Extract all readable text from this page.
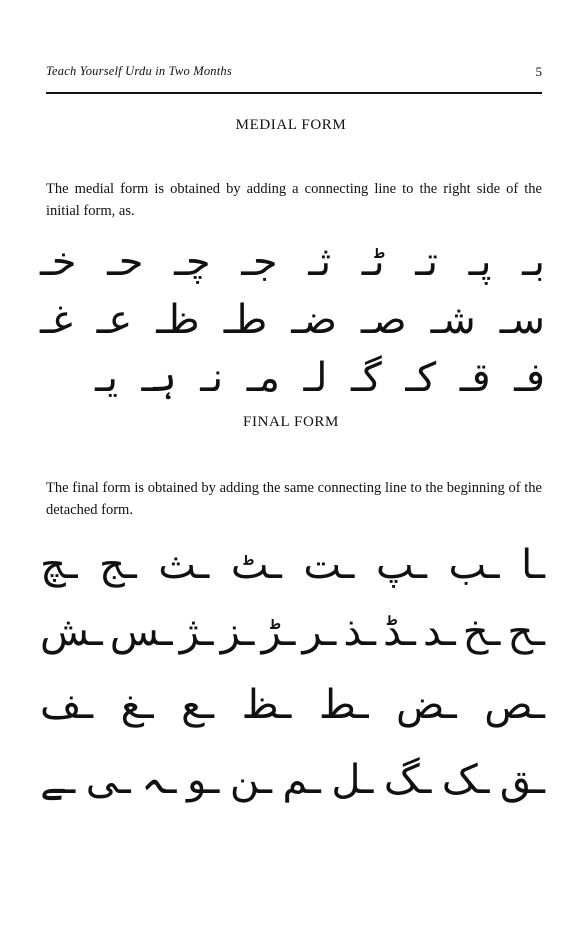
Teach Yourself Urdu in Two Months	5
MEDIAL FORM
The medial form is obtained by adding a connecting line to the right side of the initial form, as.
بـ
پـ
تـ
ٹـ
ثـ
جـ
چـ
حـ
خـ
سـ
شـ
صـ
ضـ
طـ
ظـ
عـ
غـ
فـ
قـ
کـ
گـ
لـ
مـ
نـ
ہـ
یـ
FINAL FORM
The final form is obtained by adding the same connecting line to the beginning of the detached form.
ـا
ـب
ـپ
ـت
ـٹ
ـث
ـج
ـچ
ـح
ـخ
ـد
ـڈ
ـذ
ـر
ـڑ
ـز
ـژ
ـس
ـش
ـص
ـض
ـط
ـظ
ـع
ـغ
ـف
ـق
ـک
ـگ
ـل
ـم
ـن
ـو
ـہ
ـی
ـے
